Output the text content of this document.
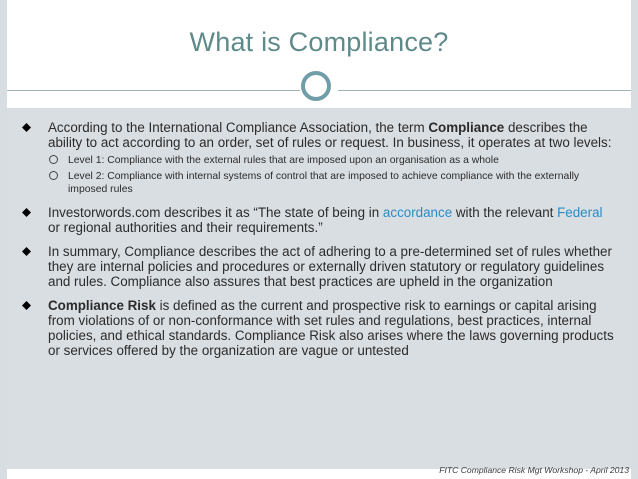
What is Compliance?
According to the International Compliance Association, the term Compliance describes the ability to act according to an order, set of rules or request. In business, it operates at two levels:
Level 1: Compliance with the external rules that are imposed upon an organisation as a whole
Level 2: Compliance with internal systems of control that are imposed to achieve compliance with the externally imposed rules
Investorwords.com describes it as “The state of being in accordance with the relevant Federal or regional authorities and their requirements.”
In summary, Compliance describes the act of adhering to a pre-determined set of rules whether they are internal policies and procedures or externally driven statutory or regulatory guidelines and rules. Compliance also assures that best practices are upheld in the organization
Compliance Risk is defined as the current and prospective risk to earnings or capital arising from violations of or non-conformance with set rules and regulations, best practices, internal policies, and ethical standards. Compliance Risk also arises where the laws governing products or services offered by the organization are vague or untested
FITC Compliance Risk Mgt Workshop - April 2013
